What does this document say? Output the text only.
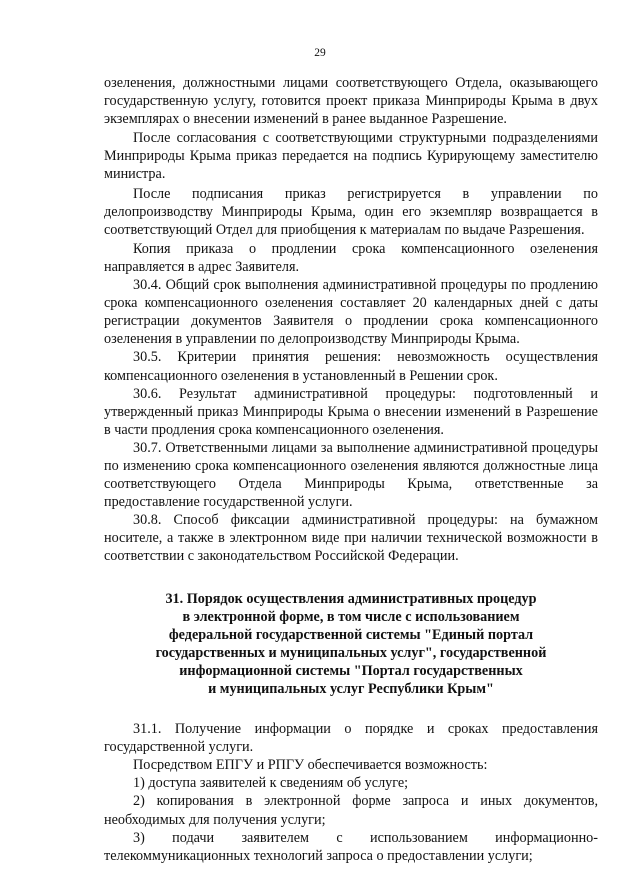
29

озеленения, должностными лицами соответствующего Отдела, оказывающего государственную услугу, готовится проект приказа Минприроды Крыма в двух экземплярах о внесении изменений в ранее выданное Разрешение.

После согласования с соответствующими структурными подразделениями Минприроды Крыма приказ передается на подпись Курирующему заместителю министра.

После подписания приказ регистрируется в управлении по делопроизводству Минприроды Крыма, один его экземпляр возвращается в соответствующий Отдел для приобщения к материалам по выдаче Разрешения.

Копия приказа о продлении срока компенсационного озеленения направляется в адрес Заявителя.

30.4. Общий срок выполнения административной процедуры по продлению срока компенсационного озеленения составляет 20 календарных дней с даты регистрации документов Заявителя о продлении срока компенсационного озеленения в управлении по делопроизводству Минприроды Крыма.

30.5. Критерии принятия решения: невозможность осуществления компенсационного озеленения в установленный в Решении срок.

30.6. Результат административной процедуры: подготовленный и утвержденный приказ Минприроды Крыма о внесении изменений в Разрешение в части продления срока компенсационного озеленения.

30.7. Ответственными лицами за выполнение административной процедуры по изменению срока компенсационного озеленения являются должностные лица соответствующего Отдела Минприроды Крыма, ответственные за предоставление государственной услуги.

30.8. Способ фиксации административной процедуры: на бумажном носителе, а также в электронном виде при наличии технической возможности в соответствии с законодательством Российской Федерации.

31. Порядок осуществления административных процедур
в электронной форме, в том числе с использованием
федеральной государственной системы "Единый портал
государственных и муниципальных услуг", государственной
информационной системы "Портал государственных
и муниципальных услуг Республики Крым"

31.1. Получение информации о порядке и сроках предоставления государственной услуги.

Посредством ЕПГУ и РПГУ обеспечивается возможность:

1) доступа заявителей к сведениям об услуге;

2) копирования в электронной форме запроса и иных документов, необходимых для получения услуги;

3) подачи заявителем с использованием информационно-телекоммуникационных технологий запроса о предоставлении услуги;
